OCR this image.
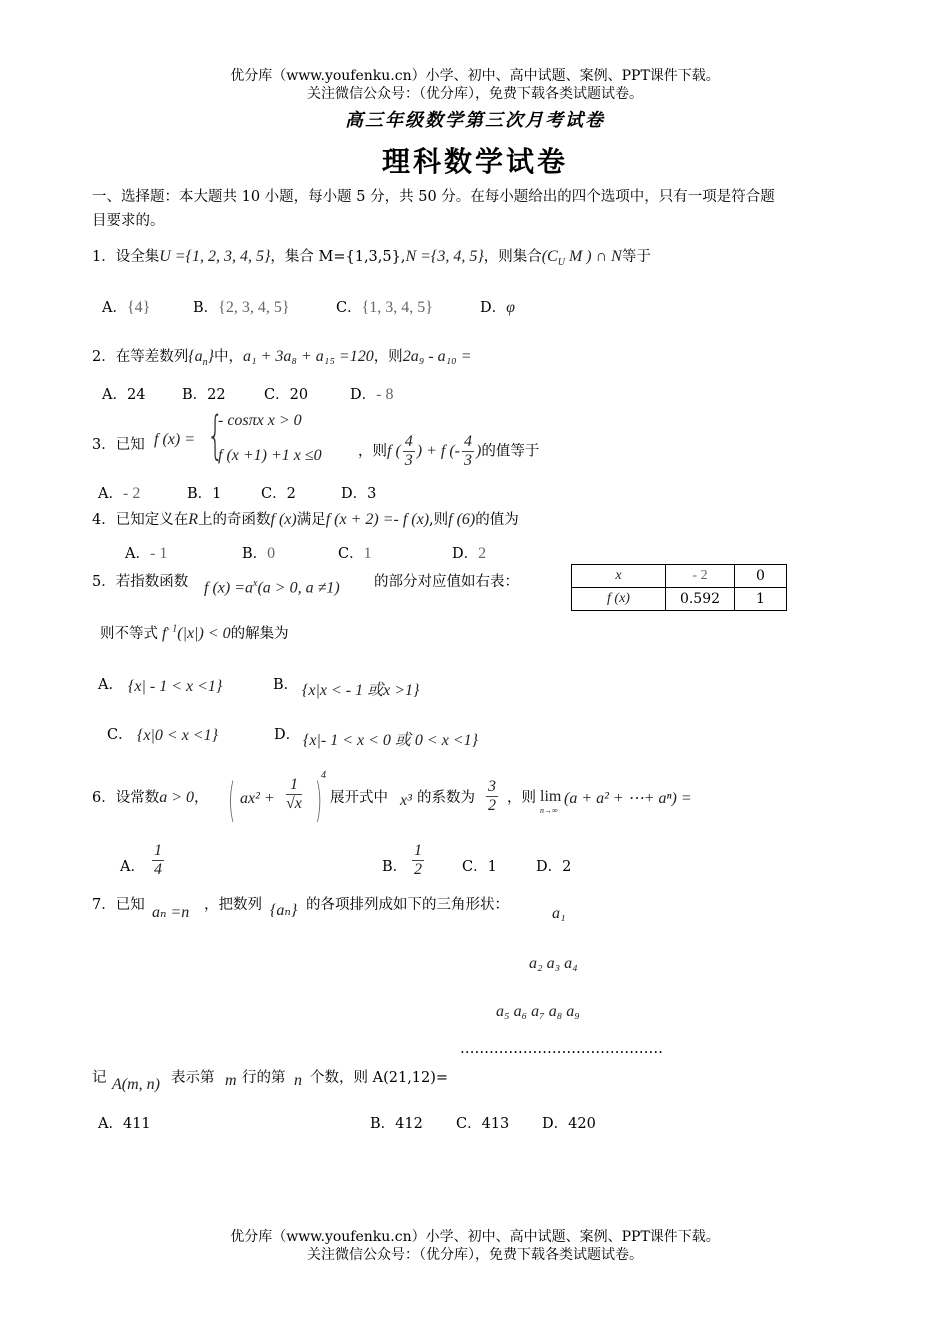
优分库（www.youfenku.cn）小学、初中、高中试题、案例、PPT课件下载。
关注微信公众号：（优分库），免费下载各类试题试卷。
高三年级数学第三次月考试卷
理科数学试卷
一、选择题：本大题共 10 小题，每小题 5 分，共 50 分。在每小题给出的四个选项中，只有一项是符合题
目要求的。
1．设全集U ={1, 2, 3, 4, 5}，集合 M={1,3,5},N ={3, 4, 5}，则集合($C_U$ M ) ∩ N等于
A．{4}	B．{2, 3, 4, 5}	C．{1, 3, 4, 5}	D．φ
2．在等差数列$\{a_n\}$中，a₁ + 3a₈ + a₁₅ =120，则2a₉ - a₁₀ =
A．24	B．22	C．20	D．- 8
3．已知 f (x) = {
- cosπx x > 0
f (x +1) +1 x ≤0	，则f ( $\frac{4}{3}$ ) + f (- $\frac{4}{3}$ )的值等于
A．- 2	B．1	C．2	D．3
4．已知定义在R上的奇函数f (x)满足f (x + 2) =- f (x),则f (6)的值为
A．- 1	B．0	C．1	D．2
5．若指数函数 f $(x) =a^x(a > 0$, a ≠1) 的部分对应值如右表：	x	- 2	0
f (x)	0.592	1
则不等式 $f^{- 1}(|x|) < 0$的解集为
A． {x| - 1 < x <1}	B． {x|x < - 1 或x >1}
C． {x|0 < x <1}	D． {x|- 1 < x < 0 或 0 < x <1}
6．设常数a > 0， ( $ax^2 + \frac{1}{√x}$ )
4
展开式中 x³ 的系数为 $\frac{3}{2}$ ，则 lim
n→∞
(a + a² + ⋯+ aⁿ) =
A． $\frac{1}{4}$	B． $\frac{1}{2}$	C．1	D．2
7．已知 aₙ =n ，把数列 {aₙ} 的各项排列成如下的三角形状：	a₁
a₂ a₃ a₄
a₅ a₆ a₇ a₈ a₉
……………………………………
记 A(m, n) 表示第 m 行的第 n 个数，则 A(21,12)=
A．411	B．412 C．413 D．420
优分库（www.youfenku.cn）小学、初中、高中试题、案例、PPT课件下载。
关注微信公众号：（优分库），免费下载各类试题试卷。
